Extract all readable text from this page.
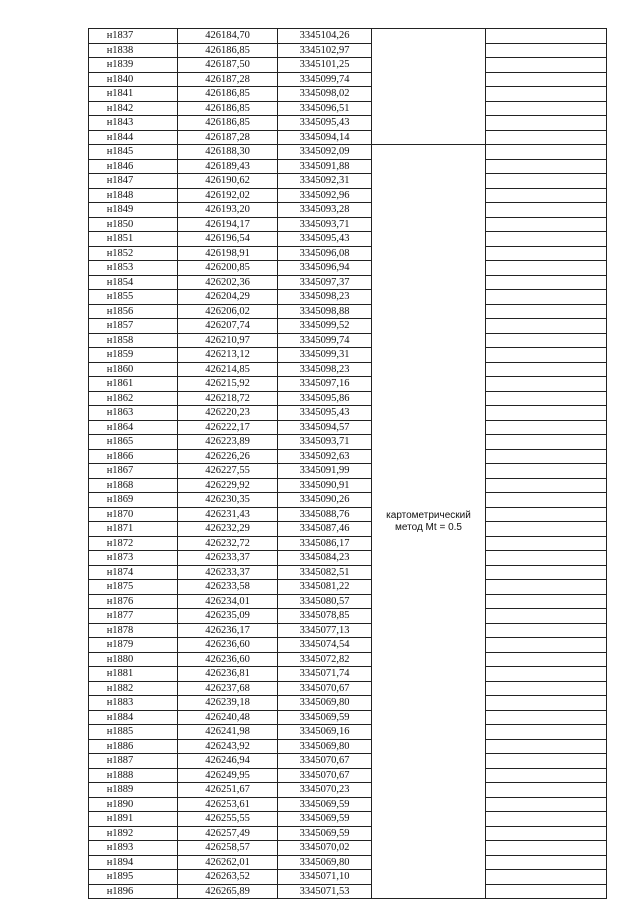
н1837	426184,70	3345104,26		
н1838	426186,85	3345102,97		
н1839	426187,50	3345101,25		
н1840	426187,28	3345099,74		
н1841	426186,85	3345098,02		
н1842	426186,85	3345096,51		
н1843	426186,85	3345095,43		
н1844	426187,28	3345094,14		
н1845	426188,30	3345092,09	картометрический метод Mt = 0.5	
н1846	426189,43	3345091,88		
н1847	426190,62	3345092,31		
н1848	426192,02	3345092,96		
н1849	426193,20	3345093,28		
н1850	426194,17	3345093,71		
н1851	426196,54	3345095,43		
н1852	426198,91	3345096,08		
н1853	426200,85	3345096,94		
н1854	426202,36	3345097,37		
н1855	426204,29	3345098,23		
н1856	426206,02	3345098,88		
н1857	426207,74	3345099,52		
н1858	426210,97	3345099,74		
н1859	426213,12	3345099,31		
н1860	426214,85	3345098,23		
н1861	426215,92	3345097,16		
н1862	426218,72	3345095,86		
н1863	426220,23	3345095,43		
н1864	426222,17	3345094,57		
н1865	426223,89	3345093,71		
н1866	426226,26	3345092,63		
н1867	426227,55	3345091,99		
н1868	426229,92	3345090,91		
н1869	426230,35	3345090,26		
н1870	426231,43	3345088,76		
н1871	426232,29	3345087,46		
н1872	426232,72	3345086,17		
н1873	426233,37	3345084,23		
н1874	426233,37	3345082,51		
н1875	426233,58	3345081,22		
н1876	426234,01	3345080,57		
н1877	426235,09	3345078,85		
н1878	426236,17	3345077,13		
н1879	426236,60	3345074,54		
н1880	426236,60	3345072,82		
н1881	426236,81	3345071,74		
н1882	426237,68	3345070,67		
н1883	426239,18	3345069,80		
н1884	426240,48	3345069,59		
н1885	426241,98	3345069,16		
н1886	426243,92	3345069,80		
н1887	426246,94	3345070,67		
н1888	426249,95	3345070,67		
н1889	426251,67	3345070,23		
н1890	426253,61	3345069,59		
н1891	426255,55	3345069,59		
н1892	426257,49	3345069,59		
н1893	426258,57	3345070,02		
н1894	426262,01	3345069,80		
н1895	426263,52	3345071,10		
н1896	426265,89	3345071,53		
